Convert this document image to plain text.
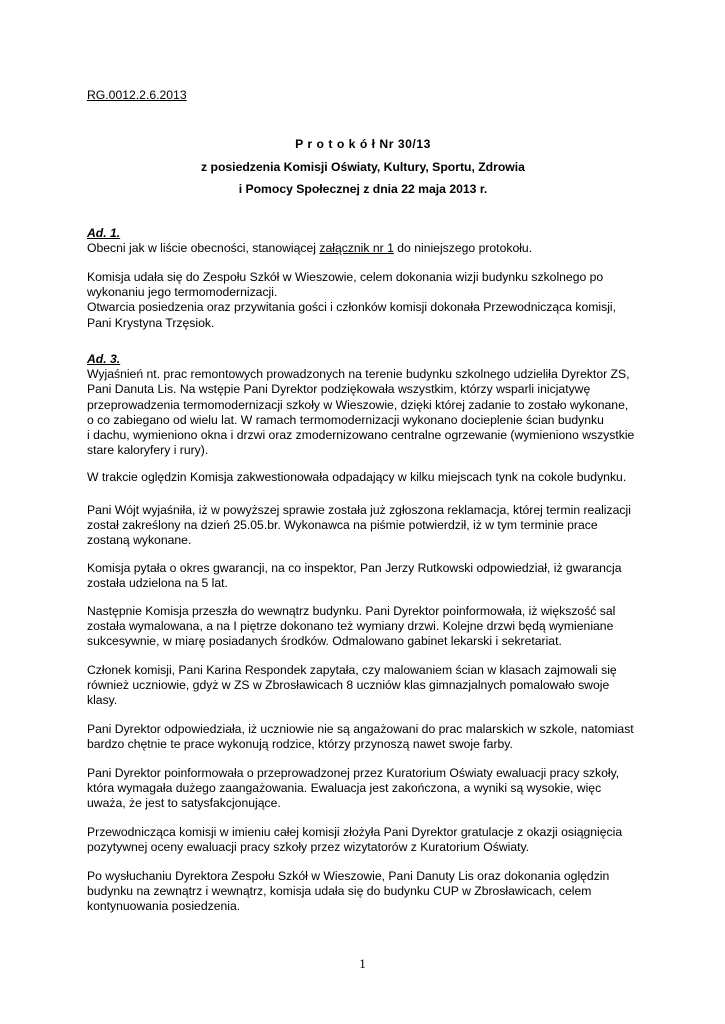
RG.0012.2.6.2013
P r o t o k ó ł Nr 30/13
z posiedzenia Komisji Oświaty, Kultury, Sportu, Zdrowia
i Pomocy Społecznej z dnia 22 maja 2013 r.
Ad. 1.
Obecni jak w liście obecności, stanowiącej załącznik nr 1 do niniejszego protokołu.

Komisja udała się do Zespołu Szkół w Wieszowie, celem dokonania wizji budynku szkolnego po

wykonaniu jego termomodernizacji.

Otwarcia posiedzenia oraz przywitania gości i członków komisji dokonała Przewodnicząca komisji,

Pani Krystyna Trzęsiok.

Ad. 3.

Wyjaśnień nt. prac remontowych prowadzonych na terenie budynku szkolnego udzieliła Dyrektor ZS,

Pani Danuta Lis. Na wstępie Pani Dyrektor podziękowała wszystkim, którzy wsparli inicjatywę

przeprowadzenia termomodernizacji szkoły w Wieszowie, dzięki której zadanie to zostało wykonane,

o co zabiegano od wielu lat. W ramach termomodernizacji wykonano docieplenie ścian budynku

i dachu, wymieniono okna i drzwi oraz zmodernizowano centralne ogrzewanie (wymieniono wszystkie

stare kaloryfery i rury).

W trakcie oględzin Komisja zakwestionowała odpadający w kilku miejscach tynk na cokole budynku.

Pani Wójt wyjaśniła, iż w powyższej sprawie została już zgłoszona reklamacja, której termin realizacji

został zakreślony na dzień 25.05.br. Wykonawca na piśmie potwierdził, iż w tym terminie prace

zostaną wykonane.

Komisja pytała o okres gwarancji, na co inspektor, Pan Jerzy Rutkowski odpowiedział, iż gwarancja

została udzielona na 5 lat.

Następnie Komisja przeszła do wewnątrz budynku. Pani Dyrektor poinformowała, iż większość sal

została wymalowana, a na I piętrze dokonano też wymiany drzwi. Kolejne drzwi będą wymieniane

sukcesywnie, w miarę posiadanych środków. Odmalowano gabinet lekarski i sekretariat.

Członek komisji, Pani Karina Respondek zapytała, czy malowaniem ścian w klasach zajmowali się

również uczniowie, gdyż w ZS w Zbrosławicach 8 uczniów klas gimnazjalnych pomalowało swoje

klasy.

Pani Dyrektor odpowiedziała, iż uczniowie nie są angażowani do prac malarskich w szkole, natomiast

bardzo chętnie te prace wykonują rodzice, którzy przynoszą nawet swoje farby.

Pani Dyrektor poinformowała o przeprowadzonej przez Kuratorium Oświaty ewaluacji pracy szkoły,

która wymagała dużego zaangażowania. Ewaluacja jest zakończona, a wyniki są wysokie, więc

uważa, że jest to satysfakcjonujące.

Przewodnicząca komisji w imieniu całej komisji złożyła Pani Dyrektor gratulacje z okazji osiągnięcia

pozytywnej oceny ewaluacji pracy szkoły przez wizytatorów z Kuratorium Oświaty.

Po wysłuchaniu Dyrektora Zespołu Szkół w Wieszowie, Pani Danuty Lis oraz dokonania oględzin

budynku na zewnątrz i wewnątrz, komisja udała się do budynku CUP w Zbrosławicach, celem

kontynuowania posiedzenia.

1
